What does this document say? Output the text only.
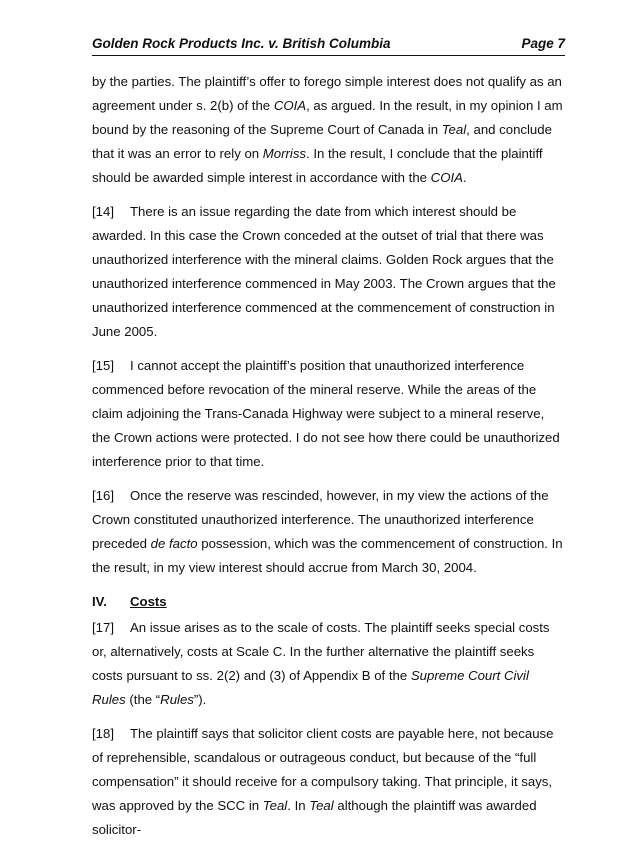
Golden Rock Products Inc. v. British Columbia	Page 7

by the parties. The plaintiff’s offer to forego simple interest does not qualify as an agreement under s. 2(b) of the COIA, as argued. In the result, in my opinion I am bound by the reasoning of the Supreme Court of Canada in Teal, and conclude that it was an error to rely on Morriss. In the result, I conclude that the plaintiff should be awarded simple interest in accordance with the COIA.

[14] There is an issue regarding the date from which interest should be awarded. In this case the Crown conceded at the outset of trial that there was unauthorized interference with the mineral claims. Golden Rock argues that the unauthorized interference commenced in May 2003. The Crown argues that the unauthorized interference commenced at the commencement of construction in June 2005.

[15] I cannot accept the plaintiff’s position that unauthorized interference commenced before revocation of the mineral reserve. While the areas of the claim adjoining the Trans-Canada Highway were subject to a mineral reserve, the Crown actions were protected. I do not see how there could be unauthorized interference prior to that time.

[16] Once the reserve was rescinded, however, in my view the actions of the Crown constituted unauthorized interference. The unauthorized interference preceded de facto possession, which was the commencement of construction. In the result, in my view interest should accrue from March 30, 2004.

IV. Costs

[17] An issue arises as to the scale of costs. The plaintiff seeks special costs or, alternatively, costs at Scale C. In the further alternative the plaintiff seeks costs pursuant to ss. 2(2) and (3) of Appendix B of the Supreme Court Civil Rules (the “Rules”).

[18] The plaintiff says that solicitor client costs are payable here, not because of reprehensible, scandalous or outrageous conduct, but because of the “full compensation” it should receive for a compulsory taking. That principle, it says, was approved by the SCC in Teal. In Teal although the plaintiff was awarded solicitor-
